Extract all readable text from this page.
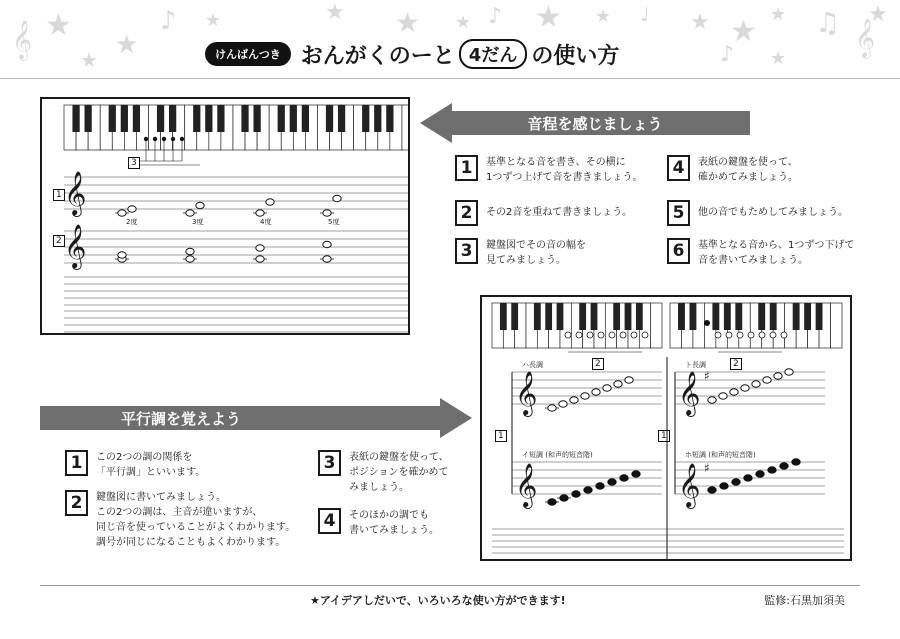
★
𝄞	★
♪ ★	★ ★ ★ ♪ ★ ★ ♩ ★ ★ ★ ♫ 𝄞
★
♪ ★
★	けんばんつき おんがくのーと 4だん の使い方
3
1
2
𝄞
𝄞
2度	3度	4度	5度
音程を感じましょう
1	基準となる音を書き、その横に
1つずつ上げて音を書きましょう。
2	その2音を重ねて書きましょう。
3	鍵盤図でその音の幅を
見てみましょう。
4	表紙の鍵盤を使って、
確かめてみましょう。
5	他の音でもためしてみましょう。
6	基準となる音から、1つずつ下げて
音を書いてみましょう。
2	2
1	1
ハ長調
イ短調 (和声的短音階)
ト長調
ホ短調 (和声的短音階)
𝄞
𝄞
𝄞
𝄞
♯
♯
平行調を覚えよう
1	この2つの調の関係を
「平行調」といいます。
2	鍵盤図に書いてみましょう。
この2つの調は、主音が違いますが、
同じ音を使っていることがよくわかります。
調号が同じになることもよくわかります。
3	表紙の鍵盤を使って、
ポジションを確かめて
みましょう。
4	そのほかの調でも
書いてみましょう。
★アイデアしだいで、いろいろな使い方ができます!	監修:石黒加須美
